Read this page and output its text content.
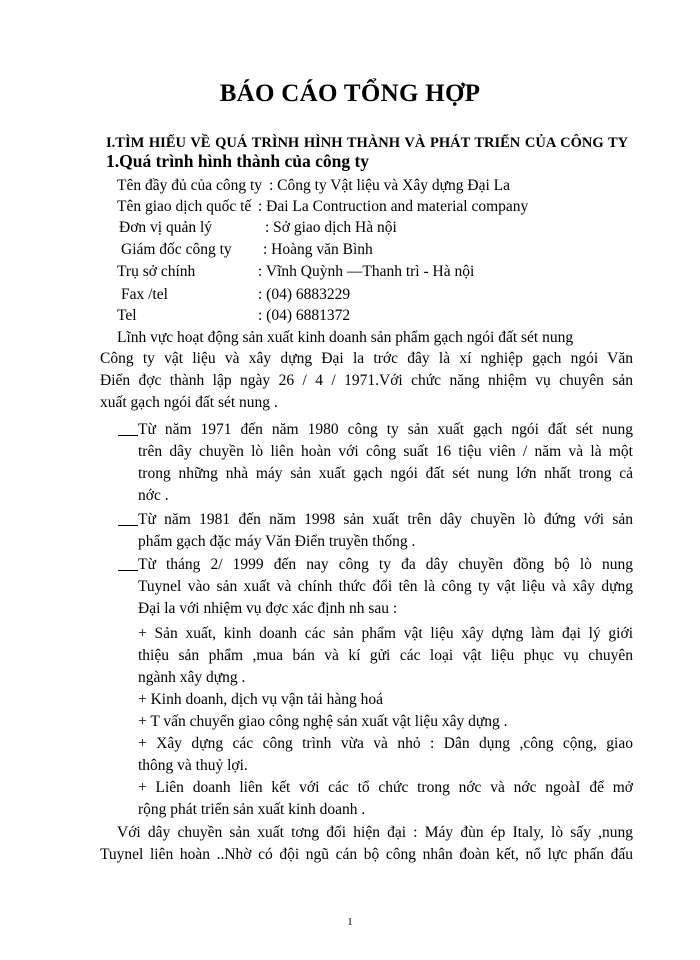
BÁO CÁO TỔNG HỢP
I.TÌM HIỂU VỀ QUÁ TRÌNH HÌNH THÀNH VÀ PHÁT TRIỂN CỦA CÔNG TY
1.Quá trình hình thành của công ty
Tên đầy đủ của công ty : Công ty Vật liệu và Xây dựng Đại La
Tên giao dịch quốc tế : Đai La Contruction and material company
Đơn vị quản lý	: Sở giao dịch Hà nội
Giám đốc công ty : Hoàng văn Bình
Trụ sở chính	: Vĩnh Quỳnh —Thanh trì - Hà nội
Fax /tel	: (04) 6883229
Tel	: (04) 6881372
Lĩnh vực hoạt động sản xuất kinh doanh sản phẩm gạch ngói đất sét nung
Công ty vật liệu và xây dựng Đại la trớc đây là xí nghiệp gạch ngói Văn
Điển đợc thành lập ngày 26 / 4 / 1971.Với chức năng nhiệm vụ chuyên sản
xuất gạch ngói đất sét nung .
Từ năm 1971 đến năm 1980 công ty sản xuất gạch ngói đất sét nung
trên dây chuyền lò liên hoàn với công suất 16 tiệu viên / năm và là một
trong những nhà máy sản xuất gạch ngói đất sét nung lớn nhất trong cả
nớc .
Từ năm 1981 đến năm 1998 sản xuất trên dây chuyền lò đứng với sản
phẩm gạch đặc máy Văn Điển truyền thống .
Từ tháng 2/ 1999 đến nay công ty đa dây chuyền đồng bộ lò nung
Tuynel vào sản xuất và chính thức đổi tên là công ty vật liệu và xây dựng
Đại la với nhiệm vụ đợc xác định nh sau :
+ Sản xuất, kinh doanh các sản phẩm vật liệu xây dựng làm đại lý giới
thiệu sản phẩm ,mua bán và kí gửi các loại vật liệu phục vụ chuyên
ngành xây dựng .
+ Kinh doanh, dịch vụ vận tải hàng hoá
+ T vấn chuyển giao công nghệ sản xuất vật liệu xây dựng .
+ Xây dựng các công trình vừa và nhỏ : Dân dụng ,công cộng, giao
thông và thuỷ lợi.
+ Liên doanh liên kết với các tổ chức trong nớc và nớc ngoàI để mở
rộng phát triển sản xuất kinh doanh .
Với dây chuyền sản xuất tơng đối hiện đại : Máy đùn ép Italy, lò sấy ,nung
Tuynel liên hoàn ..Nhờ có đội ngũ cán bộ công nhân đoàn kết, nổ lực phấn đấu
1
